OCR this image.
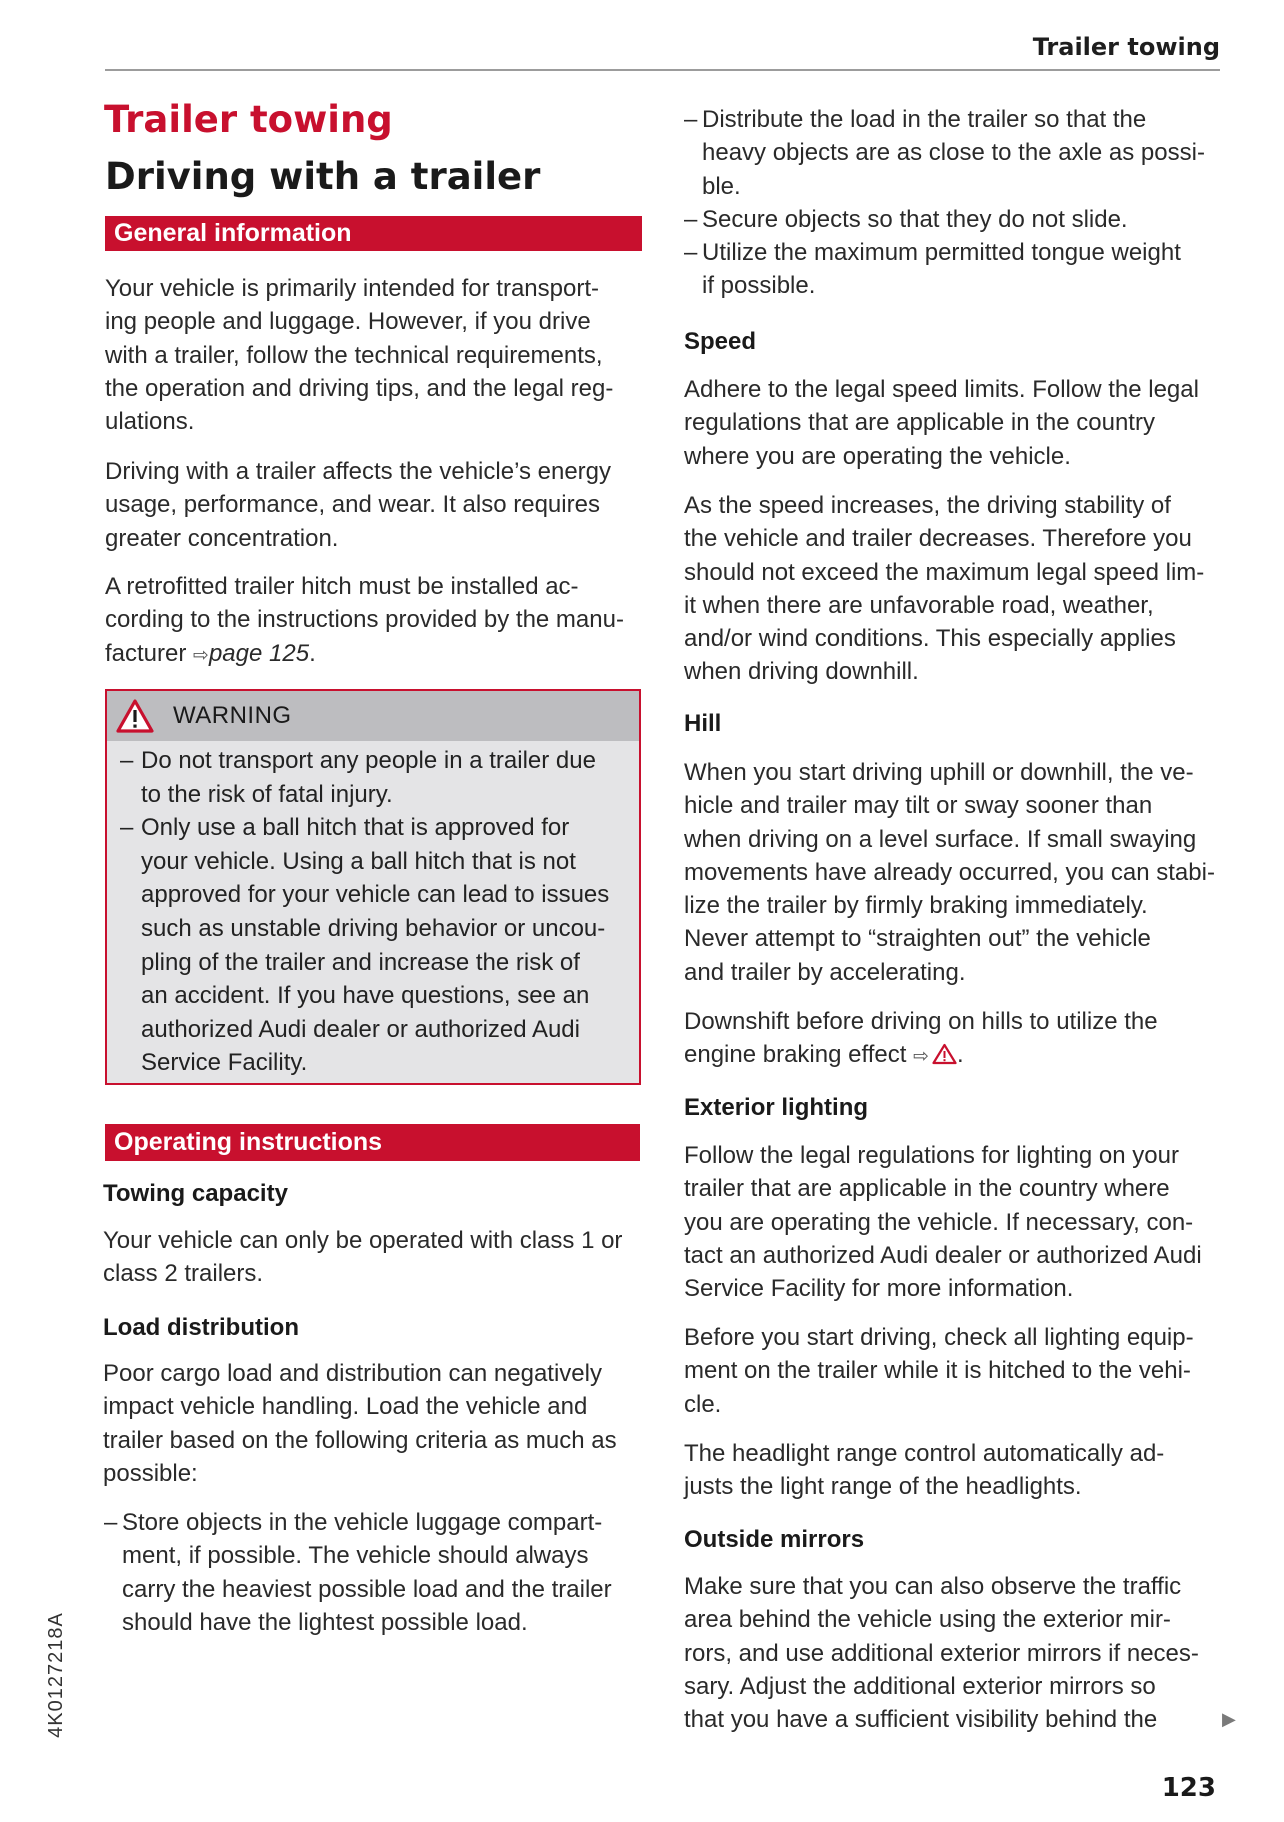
Trailer towing
Trailer towing
Driving with a trailer
General information
Your vehicle is primarily intended for transport-
ing people and luggage. However, if you drive
with a trailer, follow the technical requirements,
the operation and driving tips, and the legal reg-
ulations.
Driving with a trailer affects the vehicle’s energy
usage, performance, and wear. It also requires
greater concentration.
A retrofitted trailer hitch must be installed ac-
cording to the instructions provided by the manu-
facturer ⇨page 125.
WARNING
– Do not transport any people in a trailer due
to the risk of fatal injury.
– Only use a ball hitch that is approved for
your vehicle. Using a ball hitch that is not
approved for your vehicle can lead to issues
such as unstable driving behavior or uncou-
pling of the trailer and increase the risk of
an accident. If you have questions, see an
authorized Audi dealer or authorized Audi
Service Facility.
Operating instructions
Towing capacity
Your vehicle can only be operated with class 1 or
class 2 trailers.
Load distribution
Poor cargo load and distribution can negatively
impact vehicle handling. Load the vehicle and
trailer based on the following criteria as much as
possible:
– Store objects in the vehicle luggage compart-
ment, if possible. The vehicle should always
carry the heaviest possible load and the trailer
should have the lightest possible load.
– Distribute the load in the trailer so that the
heavy objects are as close to the axle as possi-
ble.
– Secure objects so that they do not slide.
– Utilize the maximum permitted tongue weight
if possible.
Speed
Adhere to the legal speed limits. Follow the legal
regulations that are applicable in the country
where you are operating the vehicle.
As the speed increases, the driving stability of
the vehicle and trailer decreases. Therefore you
should not exceed the maximum legal speed lim-
it when there are unfavorable road, weather,
and/or wind conditions. This especially applies
when driving downhill.
Hill
When you start driving uphill or downhill, the ve-
hicle and trailer may tilt or sway sooner than
when driving on a level surface. If small swaying
movements have already occurred, you can stabi-
lize the trailer by firmly braking immediately.
Never attempt to “straighten out” the vehicle
and trailer by accelerating.
Downshift before driving on hills to utilize the
engine braking effect ⇨ .
Exterior lighting
Follow the legal regulations for lighting on your
trailer that are applicable in the country where
you are operating the vehicle. If necessary, con-
tact an authorized Audi dealer or authorized Audi
Service Facility for more information.
Before you start driving, check all lighting equip-
ment on the trailer while it is hitched to the vehi-
cle.
The headlight range control automatically ad-
justs the light range of the headlights.
Outside mirrors
Make sure that you can also observe the traffic
area behind the vehicle using the exterior mir-
rors, and use additional exterior mirrors if neces-
sary. Adjust the additional exterior mirrors so
that you have a sufficient visibility behind the	▶
123
4K0127218A
